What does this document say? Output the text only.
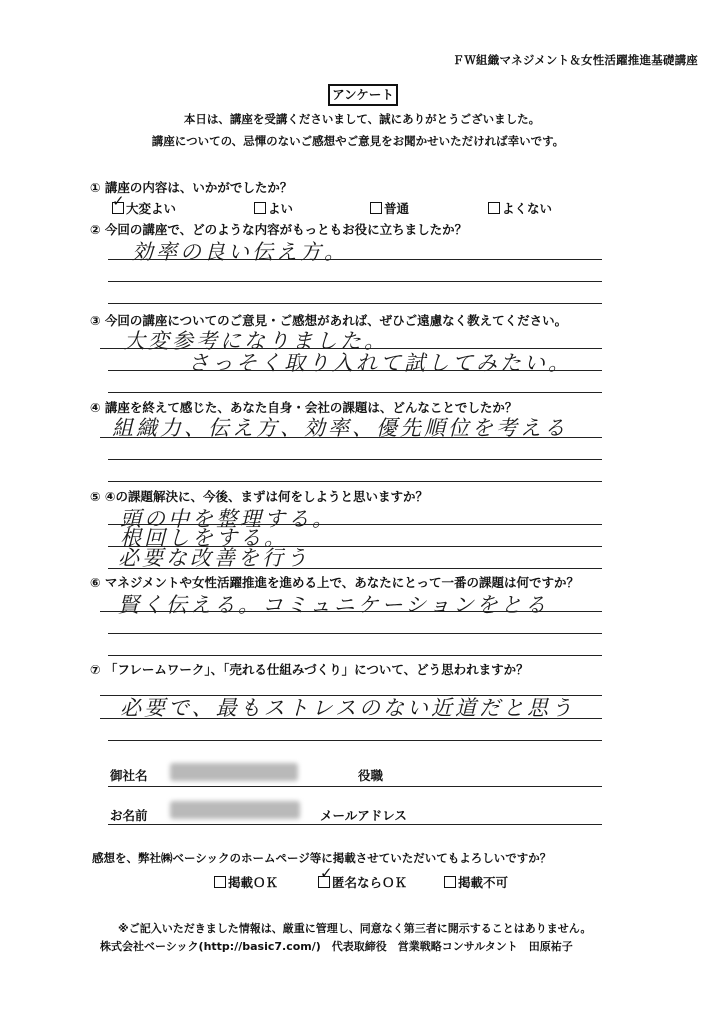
ＦＷ組織マネジメント＆女性活躍推進基礎講座
アンケート
本日は、講座を受講くださいまして、誠にありがとうございました。
講座についての、忌憚のないご感想やご意見をお聞かせいただければ幸いです。
① 講座の内容は、いかがでしたか？
大変よい
✓	よい	普通	よくない
② 今回の講座で、どのような内容がもっともお役に立ちましたか？
効率の良い伝え方。
③ 今回の講座についてのご意見・ご感想があれば、ぜひご遠慮なく教えてください。
大変参考になりました。
さっそく取り入れて試してみたい。
④ 講座を終えて感じた、あなた自身・会社の課題は、どんなことでしたか？
組織力、伝え方、効率、優先順位を考える
⑤ ④の課題解決に、今後、まずは何をしようと思いますか？
頭の中を整理する。
根回しをする。
必要な改善を行う
⑥ マネジメントや女性活躍推進を進める上で、あなたにとって一番の課題は何ですか？
賢く伝える。コミュニケーションをとる
⑦ 「フレームワーク」、「売れる仕組みづくり」について、どう思われますか？
必要で、最もストレスのない近道だと思う
御社名	役職
お名前	メールアドレス
感想を、弊社㈱ベーシックのホームページ等に掲載させていただいてもよろしいですか？
掲載ＯＫ	匿名ならＯＫ
✓
掲載不可
※ご記入いただきました情報は、厳重に管理し、同意なく第三者に開示することはありません。
株式会社ベーシック(http://basic7.com/)　代表取締役　営業戦略コンサルタント　田原祐子
